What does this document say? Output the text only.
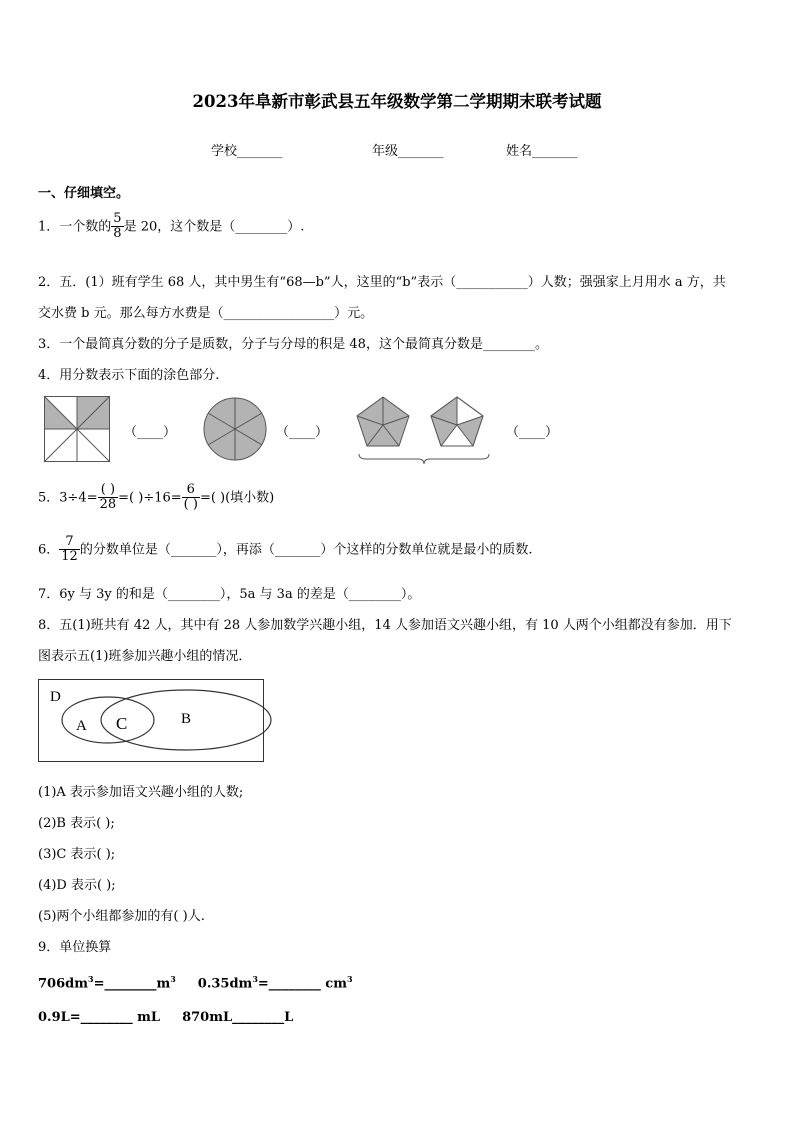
2023年阜新市彰武县五年级数学第二学期期末联考试题
学校_______	年级_______	姓名_______
一、仔细填空。
1．一个数的 $\frac{5}{8}$ 是 20，这个数是（________）.
2．五．(1）班有学生 68 人，其中男生有“68—b”人，这里的“b”表示（___________）人数；强强家上月用水 a 方，共
交水费 b 元。那么每方水费是（_________________）元。
3．一个最简真分数的分子是质数，分子与分母的积是 48，这个最简真分数是________。
4．用分数表示下面的涂色部分.
（____）	（____）	（____）
5．$3\div 4= \frac{( )}{28}$ =( )$\div 16= \frac{6}{( )}$ =( )(填小数)
6． $\frac{7}{12}$ 的分数单位是（_______），再添（_______）个这样的分数单位就是最小的质数.
7．6y 与 3y 的和是（________），5a 与 3a 的差是（________）。
8．五(1)班共有 42 人，其中有 28 人参加数学兴趣小组，14 人参加语文兴趣小组，有 10 人两个小组都没有参加．用下
图表示五(1)班参加兴趣小组的情况．
D
A C	B
(1)A 表示参加语文兴趣小组的人数;
(2)B 表示( );
(3)C 表示( );
(4)D 表示( );
(5)两个小组都参加的有( )人.
9．单位换算
$706dm^3=\_\_\_\_\_\_\_\_m^3$ $0.35dm^3=\_\_\_\_\_\_\_\_$ $cm^3$
0.9L=________ mL 870mL________L
